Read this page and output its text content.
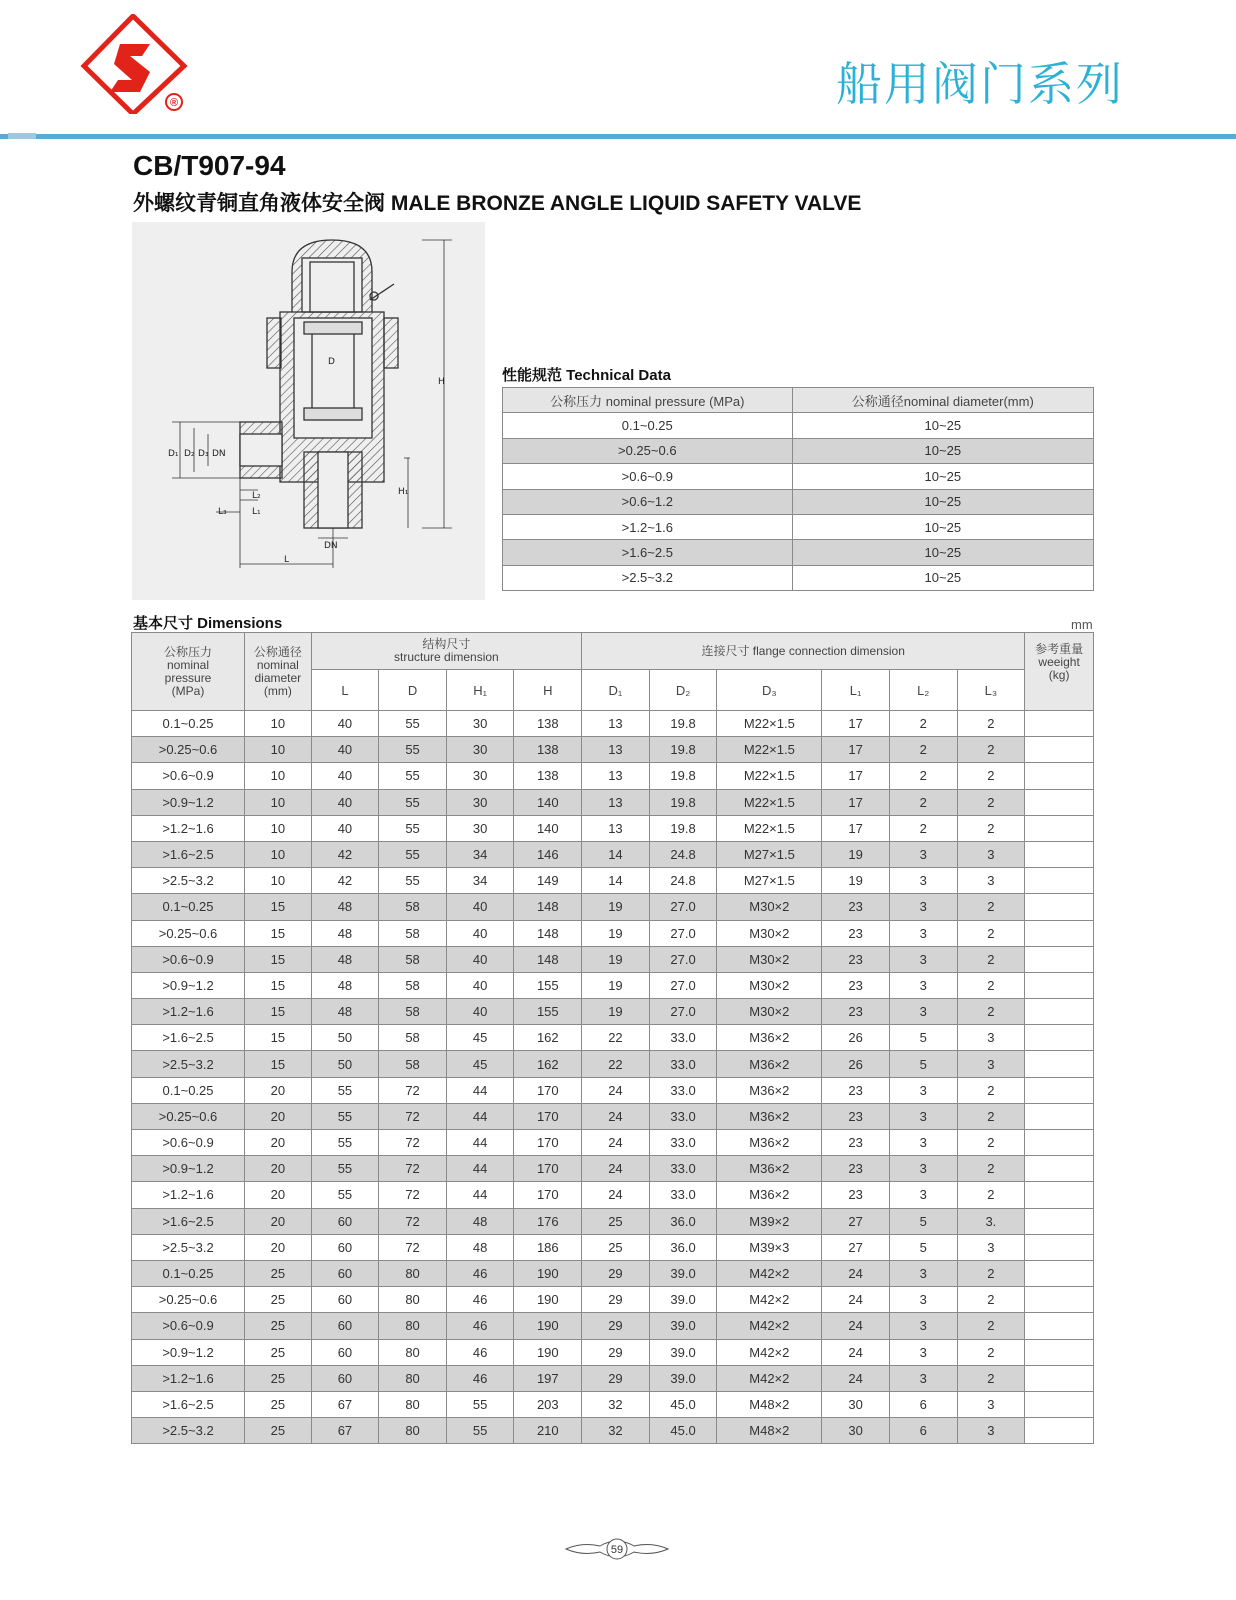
®	船用阀门系列
CB/T907-94
外螺纹青铜直角液体安全阀 MALE BRONZE ANGLE LIQUID SAFETY VALVE
D
H
H₁
D₁ D₂ D₃ DN
DN
L
L₂
L₁
L₃
性能规范 Technical Data
公称压力 nominal pressure (MPa)	公称通径nominal diameter(mm)
0.1~0.25	10~25
>0.25~0.6	10~25
>0.6~0.9	10~25
>0.6~1.2	10~25
>1.2~1.6	10~25
>1.6~2.5	10~25
>2.5~3.2	10~25
基本尺寸 Dimensions	mm
公称压力
nominal
pressure
(MPa)	公称通径
nominal
diameter
(mm)	结构尺寸
structure dimension				连接尺寸 flange connection dimension						参考重量
weeight
(kg)
		L	D	H₁	H	D₁	D₂	D₃	L₁	L₂	L₃	
0.1~0.25	10	40	55	30	138	13	19.8	M22×1.5	17	2	2	
>0.25~0.6	10	40	55	30	138	13	19.8	M22×1.5	17	2	2	
>0.6~0.9	10	40	55	30	138	13	19.8	M22×1.5	17	2	2	
>0.9~1.2	10	40	55	30	140	13	19.8	M22×1.5	17	2	2	
>1.2~1.6	10	40	55	30	140	13	19.8	M22×1.5	17	2	2	
>1.6~2.5	10	42	55	34	146	14	24.8	M27×1.5	19	3	3	
>2.5~3.2	10	42	55	34	149	14	24.8	M27×1.5	19	3	3	
0.1~0.25	15	48	58	40	148	19	27.0	M30×2	23	3	2	
>0.25~0.6	15	48	58	40	148	19	27.0	M30×2	23	3	2	
>0.6~0.9	15	48	58	40	148	19	27.0	M30×2	23	3	2	
>0.9~1.2	15	48	58	40	155	19	27.0	M30×2	23	3	2	
>1.2~1.6	15	48	58	40	155	19	27.0	M30×2	23	3	2	
>1.6~2.5	15	50	58	45	162	22	33.0	M36×2	26	5	3	
>2.5~3.2	15	50	58	45	162	22	33.0	M36×2	26	5	3	
0.1~0.25	20	55	72	44	170	24	33.0	M36×2	23	3	2	
>0.25~0.6	20	55	72	44	170	24	33.0	M36×2	23	3	2	
>0.6~0.9	20	55	72	44	170	24	33.0	M36×2	23	3	2	
>0.9~1.2	20	55	72	44	170	24	33.0	M36×2	23	3	2	
>1.2~1.6	20	55	72	44	170	24	33.0	M36×2	23	3	2	
>1.6~2.5	20	60	72	48	176	25	36.0	M39×2	27	5	3.	
>2.5~3.2	20	60	72	48	186	25	36.0	M39×3	27	5	3	
0.1~0.25	25	60	80	46	190	29	39.0	M42×2	24	3	2	
>0.25~0.6	25	60	80	46	190	29	39.0	M42×2	24	3	2	
>0.6~0.9	25	60	80	46	190	29	39.0	M42×2	24	3	2	
>0.9~1.2	25	60	80	46	190	29	39.0	M42×2	24	3	2	
>1.2~1.6	25	60	80	46	197	29	39.0	M42×2	24	3	2	
>1.6~2.5	25	67	80	55	203	32	45.0	M48×2	30	6	3	
>2.5~3.2	25	67	80	55	210	32	45.0	M48×2	30	6	3	
59
